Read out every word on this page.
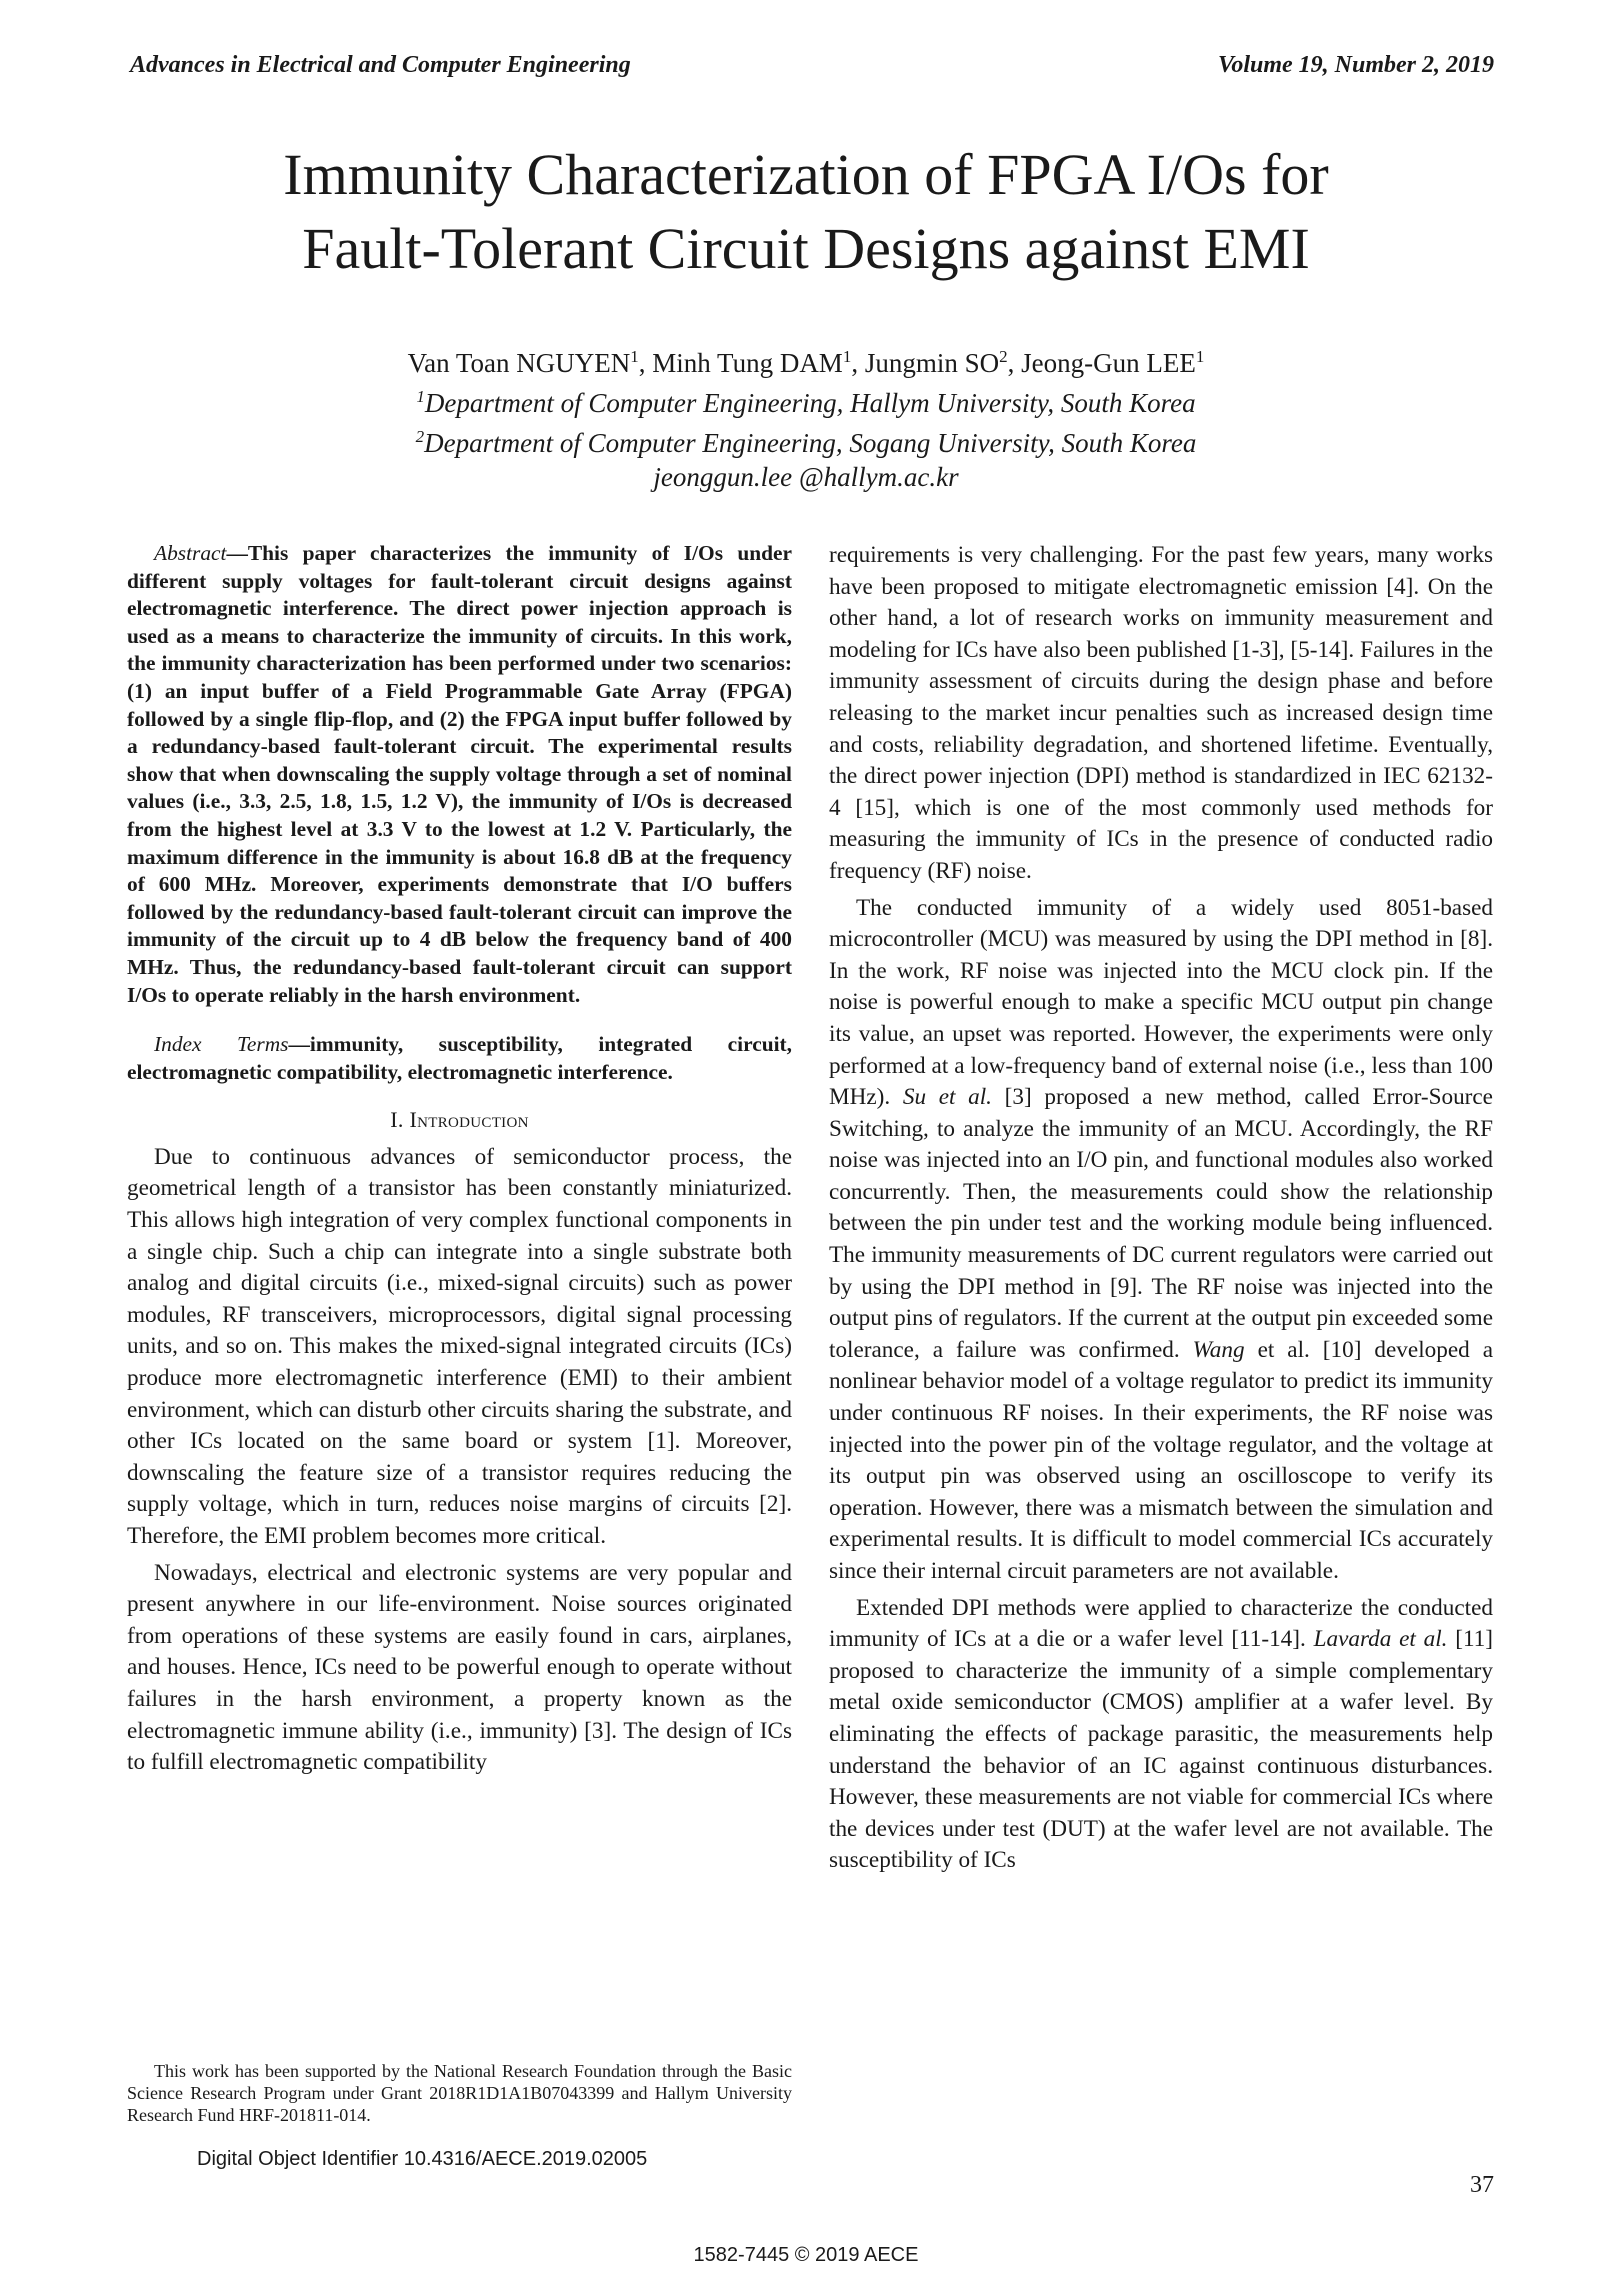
Advances in Electrical and Computer Engineering	Volume 19, Number 2, 2019
Immunity Characterization of FPGA I/Os for
Fault-Tolerant Circuit Designs against EMI
Van Toan NGUYEN$^1$, Minh Tung DAM$^1$, Jungmin $SO^2$, Jeong-Gun LEE$^1$
$^1$Department of Computer Engineering, Hallym University, South Korea
$^2$Department of Computer Engineering, Sogang University, South Korea
jeonggun.lee @hallym.ac.kr

Abstract—This paper characterizes the immunity of I/Os under different supply voltages for fault-tolerant circuit designs against electromagnetic interference. The direct power injection approach is used as a means to characterize the immunity of circuits. In this work, the immunity characterization has been performed under two scenarios: (1) an input buffer of a Field Programmable Gate Array (FPGA) followed by a single flip-flop, and (2) the FPGA input buffer followed by a redundancy-based fault-tolerant circuit. The experimental results show that when downscaling the supply voltage through a set of nominal values (i.e., 3.3, 2.5, 1.8, 1.5, 1.2 V), the immunity of I/Os is decreased from the highest level at 3.3 V to the lowest at 1.2 V. Particularly, the maximum difference in the immunity is about 16.8 dB at the frequency of 600 MHz. Moreover, experiments demonstrate that I/O buffers followed by the redundancy-based fault-tolerant circuit can improve the immunity of the circuit up to 4 dB below the frequency band of 400 MHz. Thus, the redundancy-based fault-tolerant circuit can support I/Os to operate reliably in the harsh environment.

Index Terms—immunity, susceptibility, integrated circuit, electromagnetic compatibility, electromagnetic interference.

I. Introduction

Due to continuous advances of semiconductor process, the geometrical length of a transistor has been constantly miniaturized. This allows high integration of very complex functional components in a single chip. Such a chip can integrate into a single substrate both analog and digital circuits (i.e., mixed-signal circuits) such as power modules, RF transceivers, microprocessors, digital signal processing units, and so on. This makes the mixed-signal integrated circuits (ICs) produce more electromagnetic interference (EMI) to their ambient environment, which can disturb other circuits sharing the substrate, and other ICs located on the same board or system [1]. Moreover, downscaling the feature size of a transistor requires reducing the supply voltage, which in turn, reduces noise margins of circuits [2]. Therefore, the EMI problem becomes more critical.

Nowadays, electrical and electronic systems are very popular and present anywhere in our life-environment. Noise sources originated from operations of these systems are easily found in cars, airplanes, and houses. Hence, ICs need to be powerful enough to operate without failures in the harsh environment, a property known as the electromagnetic immune ability (i.e., immunity) [3]. The design of ICs to fulfill electromagnetic compatibility

This work has been supported by the National Research Foundation through the Basic Science Research Program under Grant 2018R1D1A1B07043399 and Hallym University Research Fund HRF-201811-014.

requirements is very challenging. For the past few years, many works have been proposed to mitigate electromagnetic emission [4]. On the other hand, a lot of research works on immunity measurement and modeling for ICs have also been published [1-3], [5-14]. Failures in the immunity assessment of circuits during the design phase and before releasing to the market incur penalties such as increased design time and costs, reliability degradation, and shortened lifetime. Eventually, the direct power injection (DPI) method is standardized in IEC 62132-4 [15], which is one of the most commonly used methods for measuring the immunity of ICs in the presence of conducted radio frequency (RF) noise.

The conducted immunity of a widely used 8051-based microcontroller (MCU) was measured by using the DPI method in [8]. In the work, RF noise was injected into the MCU clock pin. If the noise is powerful enough to make a specific MCU output pin change its value, an upset was reported. However, the experiments were only performed at a low-frequency band of external noise (i.e., less than 100 MHz). Su et al. [3] proposed a new method, called Error-Source Switching, to analyze the immunity of an MCU. Accordingly, the RF noise was injected into an I/O pin, and functional modules also worked concurrently. Then, the measurements could show the relationship between the pin under test and the working module being influenced. The immunity measurements of DC current regulators were carried out by using the DPI method in [9]. The RF noise was injected into the output pins of regulators. If the current at the output pin exceeded some tolerance, a failure was confirmed. Wang et al. [10] developed a nonlinear behavior model of a voltage regulator to predict its immunity under continuous RF noises. In their experiments, the RF noise was injected into the power pin of the voltage regulator, and the voltage at its output pin was observed using an oscilloscope to verify its operation. However, there was a mismatch between the simulation and experimental results. It is difficult to model commercial ICs accurately since their internal circuit parameters are not available.

Extended DPI methods were applied to characterize the conducted immunity of ICs at a die or a wafer level [11-14]. Lavarda et al. [11] proposed to characterize the immunity of a simple complementary metal oxide semiconductor (CMOS) amplifier at a wafer level. By eliminating the effects of package parasitic, the measurements help understand the behavior of an IC against continuous disturbances. However, these measurements are not viable for commercial ICs where the devices under test (DUT) at the wafer level are not available. The susceptibility of ICs

Digital Object Identifier 10.4316/AECE.2019.02005
37
1582-7445 © 2019 AECE
